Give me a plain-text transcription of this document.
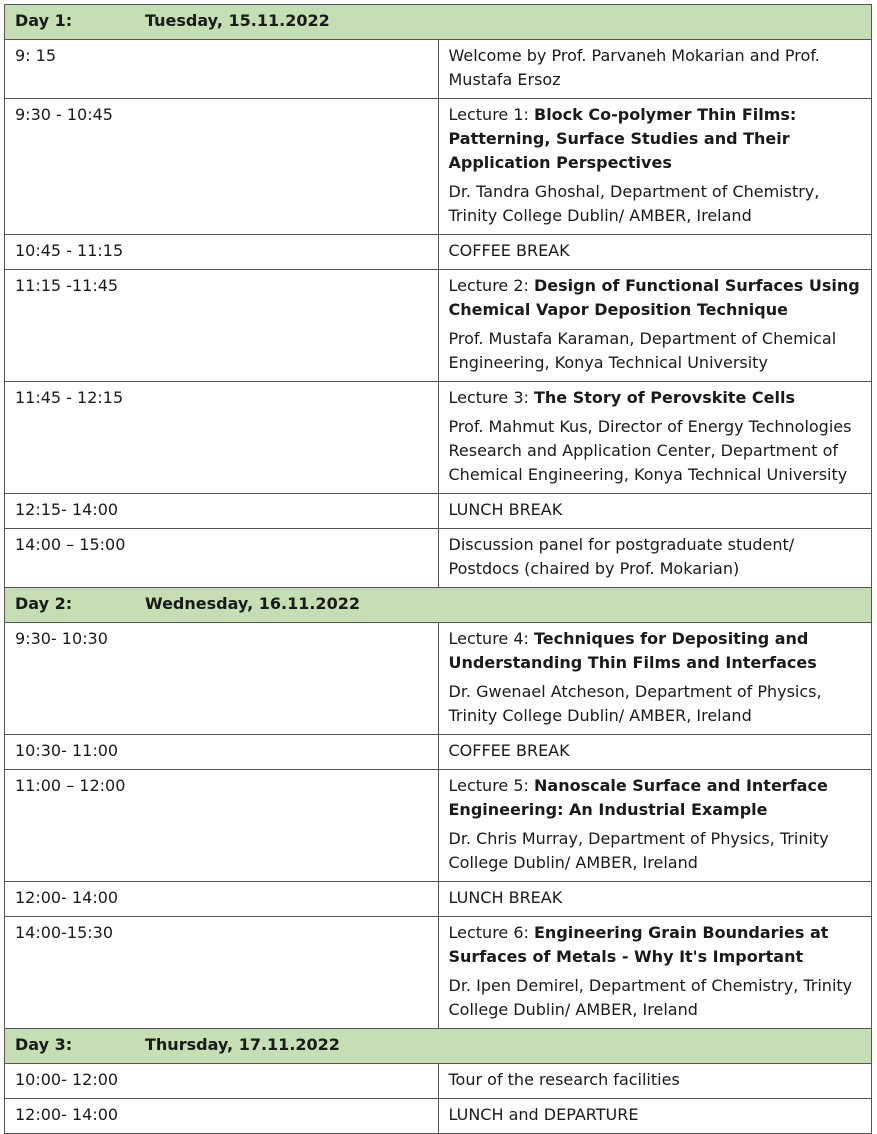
Day 1: Tuesday, 15.11.2022	
9: 15	Welcome by Prof. Parvaneh Mokarian and Prof. Mustafa Ersoz

9:30 - 10:45	Lecture 1: Block Co-polymer Thin Films: Patterning, Surface Studies and Their Application Perspectives

Dr. Tandra Ghoshal, Department of Chemistry, Trinity College Dublin/ AMBER, Ireland

10:45 - 11:15	COFFEE BREAK

11:15 -11:45	Lecture 2: Design of Functional Surfaces Using Chemical Vapor Deposition Technique

Prof. Mustafa Karaman, Department of Chemical Engineering, Konya Technical University

11:45 - 12:15	Lecture 3: The Story of Perovskite Cells

Prof. Mahmut Kus, Director of Energy Technologies Research and Application Center, Department of Chemical Engineering, Konya Technical University

12:15- 14:00	LUNCH BREAK

14:00 – 15:00	Discussion panel for postgraduate student/ Postdocs (chaired by Prof. Mokarian)

Day 2: Wednesday, 16.11.2022	
9:30- 10:30	Lecture 4: Techniques for Depositing and Understanding Thin Films and Interfaces

Dr. Gwenael Atcheson, Department of Physics, Trinity College Dublin/ AMBER, Ireland

10:30- 11:00	COFFEE BREAK

11:00 – 12:00	Lecture 5: Nanoscale Surface and Interface Engineering: An Industrial Example

Dr. Chris Murray, Department of Physics, Trinity College Dublin/ AMBER, Ireland

12:00- 14:00	LUNCH BREAK

14:00-15:30	Lecture 6: Engineering Grain Boundaries at Surfaces of Metals - Why It's Important

Dr. Ipen Demirel, Department of Chemistry, Trinity College Dublin/ AMBER, Ireland

Day 3: Thursday, 17.11.2022	
10:00- 12:00	Tour of the research facilities

12:00- 14:00	LUNCH and DEPARTURE
